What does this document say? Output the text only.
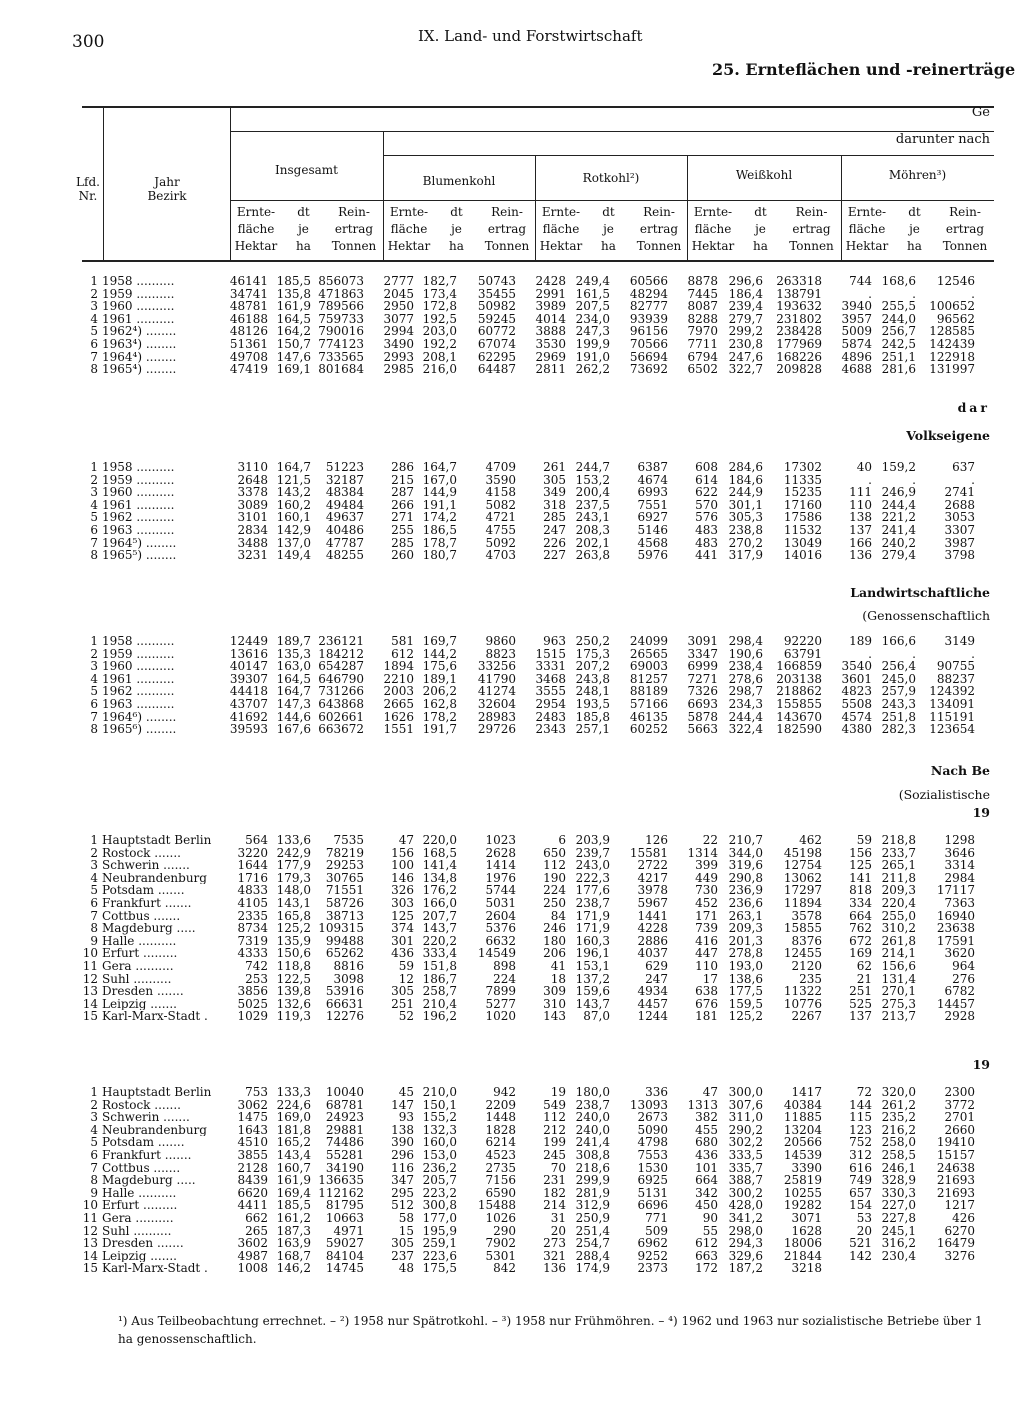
300	IX. Land- und Forstwirtschaft
25. Ernteflächen und -reinerträge
Ge
darunter nach
Lfd.
Nr.
Jahr
Bezirk
Insgesamt
Blumenkohl	Rotkohl²)	Weißkohl	Möhren³)
Ernte-
fläche
Hektar
dt
je
ha
Rein-
ertrag
Tonnen
Ernte-
fläche
Hektar
dt
je
ha
Rein-
ertrag
Tonnen
Ernte-
fläche
Hektar
dt
je
ha
Rein-
ertrag
Tonnen
Ernte-
fläche
Hektar
dt
je
ha
Rein-
ertrag
Tonnen
Ernte-
fläche
Hektar
dt
je
ha
Rein-
ertrag
Tonnen
dar
Volkseigene
Landwirtschaftliche
(Genossenschaftlich
Nach Be
(Sozialistische
19
19
1	1958 ..........	46141	185,5	856073	2777	182,7	50743	2428	249,4	60566	8878	296,6	263318	744	168,6	12546
2	1959 ..........	34741	135,8	471863	2045	173,4	35455	2991	161,5	48294	7445	186,4	138791	.	.	.
3	1960 ..........	48781	161,9	789566	2950	172,8	50982	3989	207,5	82777	8087	239,4	193632	3940	255,5	100652
4	1961 ..........	46188	164,5	759733	3077	192,5	59245	4014	234,0	93939	8288	279,7	231802	3957	244,0	96562
5	1962⁴) ........	48126	164,2	790016	2994	203,0	60772	3888	247,3	96156	7970	299,2	238428	5009	256,7	128585
6	1963⁴) ........	51361	150,7	774123	3490	192,2	67074	3530	199,9	70566	7711	230,8	177969	5874	242,5	142439
7	1964⁴) ........	49708	147,6	733565	2993	208,1	62295	2969	191,0	56694	6794	247,6	168226	4896	251,1	122918
8	1965⁴) ........	47419	169,1	801684	2985	216,0	64487	2811	262,2	73692	6502	322,7	209828	4688	281,6	131997
1	1958 ..........	3110	164,7	51223	286	164,7	4709	261	244,7	6387	608	284,6	17302	40	159,2	637
2	1959 ..........	2648	121,5	32187	215	167,0	3590	305	153,2	4674	614	184,6	11335	.	.	.
3	1960 ..........	3378	143,2	48384	287	144,9	4158	349	200,4	6993	622	244,9	15235	111	246,9	2741
4	1961 ..........	3089	160,2	49484	266	191,1	5082	318	237,5	7551	570	301,1	17160	110	244,4	2688
5	1962 ..........	3101	160,1	49637	271	174,2	4721	285	243,1	6927	576	305,3	17586	138	221,2	3053
6	1963 ..........	2834	142,9	40486	255	186,5	4755	247	208,3	5146	483	238,8	11532	137	241,4	3307
7	1964⁵) ........	3488	137,0	47787	285	178,7	5092	226	202,1	4568	483	270,2	13049	166	240,2	3987
8	1965⁵) ........	3231	149,4	48255	260	180,7	4703	227	263,8	5976	441	317,9	14016	136	279,4	3798
1	1958 ..........	12449	189,7	236121	581	169,7	9860	963	250,2	24099	3091	298,4	92220	189	166,6	3149
2	1959 ..........	13616	135,3	184212	612	144,2	8823	1515	175,3	26565	3347	190,6	63791	.	.	.
3	1960 ..........	40147	163,0	654287	1894	175,6	33256	3331	207,2	69003	6999	238,4	166859	3540	256,4	90755
4	1961 ..........	39307	164,5	646790	2210	189,1	41790	3468	243,8	81257	7271	278,6	203138	3601	245,0	88237
5	1962 ..........	44418	164,7	731266	2003	206,2	41274	3555	248,1	88189	7326	298,7	218862	4823	257,9	124392
6	1963 ..........	43707	147,3	643868	2665	162,8	32604	2954	193,5	57166	6693	234,3	155855	5508	243,3	134091
7	1964⁶) ........	41692	144,6	602661	1626	178,2	28983	2483	185,8	46135	5878	244,4	143670	4574	251,8	115191
8	1965⁶) ........	39593	167,6	663672	1551	191,7	29726	2343	257,1	60252	5663	322,4	182590	4380	282,3	123654
1	Hauptstadt Berlin	564	133,6	7535	47	220,0	1023	6	203,9	126	22	210,7	462	59	218,8	1298
2	Rostock .......	3220	242,9	78219	156	168,5	2628	650	239,7	15581	1314	344,0	45198	156	233,7	3646
3	Schwerin .......	1644	177,9	29253	100	141,4	1414	112	243,0	2722	399	319,6	12754	125	265,1	3314
4	Neubrandenburg	1716	179,3	30765	146	134,8	1976	190	222,3	4217	449	290,8	13062	141	211,8	2984
5	Potsdam .......	4833	148,0	71551	326	176,2	5744	224	177,6	3978	730	236,9	17297	818	209,3	17117
6	Frankfurt .......	4105	143,1	58726	303	166,0	5031	250	238,7	5967	452	236,6	11894	334	220,4	7363
7	Cottbus .......	2335	165,8	38713	125	207,7	2604	84	171,9	1441	171	263,1	3578	664	255,0	16940
8	Magdeburg .....	8734	125,2	109315	374	143,7	5376	246	171,9	4228	739	209,3	15855	762	310,2	23638
9	Halle ..........	7319	135,9	99488	301	220,2	6632	180	160,3	2886	416	201,3	8376	672	261,8	17591
10	Erfurt .........	4333	150,6	65262	436	333,4	14549	206	196,1	4037	447	278,8	12455	169	214,1	3620
11	Gera ..........	742	118,8	8816	59	151,8	898	41	153,1	629	110	193,0	2120	62	156,6	964
12	Suhl ..........	253	122,5	3098	12	186,7	224	18	137,2	247	17	138,6	235	21	131,4	276
13	Dresden .......	3856	139,8	53916	305	258,7	7899	309	159,6	4934	638	177,5	11322	251	270,1	6782
14	Leipzig .......	5025	132,6	66631	251	210,4	5277	310	143,7	4457	676	159,5	10776	525	275,3	14457
15	Karl-Marx-Stadt .	1029	119,3	12276	52	196,2	1020	143	87,0	1244	181	125,2	2267	137	213,7	2928
1	Hauptstadt Berlin	753	133,3	10040	45	210,0	942	19	180,0	336	47	300,0	1417	72	320,0	2300
2	Rostock .......	3062	224,6	68781	147	150,1	2209	549	238,7	13093	1313	307,6	40384	144	261,2	3772
3	Schwerin .......	1475	169,0	24923	93	155,2	1448	112	240,0	2673	382	311,0	11885	115	235,2	2701
4	Neubrandenburg	1643	181,8	29881	138	132,3	1828	212	240,0	5090	455	290,2	13204	123	216,2	2660
5	Potsdam .......	4510	165,2	74486	390	160,0	6214	199	241,4	4798	680	302,2	20566	752	258,0	19410
6	Frankfurt .......	3855	143,4	55281	296	153,0	4523	245	308,8	7553	436	333,5	14539	312	258,5	15157
7	Cottbus .......	2128	160,7	34190	116	236,2	2735	70	218,6	1530	101	335,7	3390	616	246,1	24638
8	Magdeburg .....	8439	161,9	136635	347	205,7	7156	231	299,9	6925	664	388,7	25819	749	328,9	21693
9	Halle ..........	6620	169,4	112162	295	223,2	6590	182	281,9	5131	342	300,2	10255	657	330,3	21693
10	Erfurt .........	4411	185,5	81795	512	300,8	15488	214	312,9	6696	450	428,0	19282	154	227,0	1217
11	Gera ..........	662	161,2	10663	58	177,0	1026	31	250,9	771	90	341,2	3071	53	227,8	426
12	Suhl ..........	265	187,3	4971	15	195,9	290	20	251,4	509	55	298,0	1628	20	245,1	6270
13	Dresden .......	3602	163,9	59027	305	259,1	7902	273	254,7	6962	612	294,3	18006	521	316,2	16479
14	Leipzig .......	4987	168,7	84104	237	223,6	5301	321	288,4	9252	663	329,6	21844	142	230,4	3276
15	Karl-Marx-Stadt .	1008	146,2	14745	48	175,5	842	136	174,9	2373	172	187,2	3218			
¹) Aus Teilbeobachtung errechnet. – ²) 1958 nur Spätrotkohl. – ³) 1958 nur Frühmöhren. – ⁴) 1962 und 1963 nur sozialistische Betriebe über 1 ha genossenschaftlich.
